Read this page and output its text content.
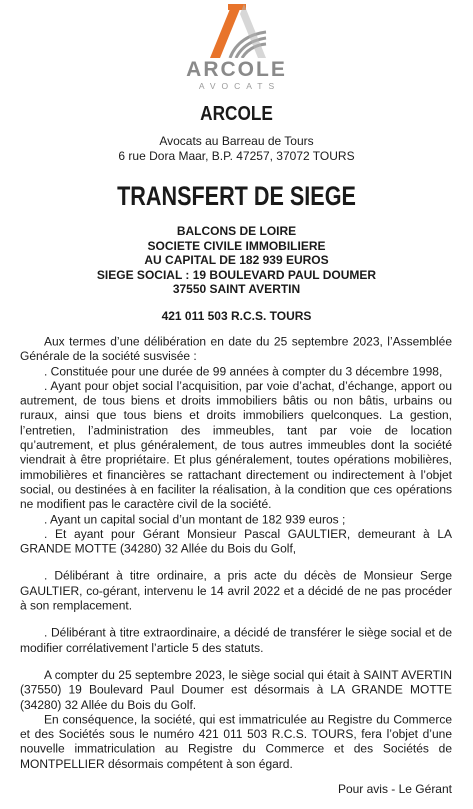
ARCOLE
AVOCATS
ARCOLE
Avocats au Barreau de Tours
6 rue Dora Maar, B.P. 47257, 37072 TOURS
TRANSFERT DE SIEGE
BALCONS DE LOIRE
SOCIETE CIVILE IMMOBILIERE
AU CAPITAL DE 182 939 EUROS
SIEGE SOCIAL : 19 BOULEVARD PAUL DOUMER
37550 SAINT AVERTIN
421 011 503 R.C.S. TOURS

Aux termes d’une délibération en date du 25 septembre 2023, l’Assemblée Générale de la société susvisée :

. Constituée pour une durée de 99 années à compter du 3 décembre 1998,

. Ayant pour objet social l’acquisition, par voie d’achat, d’échange, apport ou autrement, de tous biens et droits immobiliers bâtis ou non bâtis, urbains ou ruraux, ainsi que tous biens et droits immobiliers quelconques. La gestion, l’entretien, l’administration des immeubles, tant par voie de location qu’autrement, et plus généralement, de tous autres immeubles dont la société viendrait à être propriétaire. Et plus généralement, toutes opérations mobilières, immobilières et financières se rattachant directement ou indirectement à l’objet social, ou destinées à en faciliter la réalisation, à la condition que ces opérations ne modifient pas le caractère civil de la société.

. Ayant un capital social d’un montant de 182 939 euros ;

. Et ayant pour Gérant Monsieur Pascal GAULTIER, demeurant à LA GRANDE MOTTE (34280) 32 Allée du Bois du Golf,

. Délibérant à titre ordinaire, a pris acte du décès de Monsieur Serge GAULTIER, co-gérant, intervenu le 14 avril 2022 et a décidé de ne pas procéder à son remplacement.

. Délibérant à titre extraordinaire, a décidé de transférer le siège social et de modifier corrélativement l’article 5 des statuts.

A compter du 25 septembre 2023, le siège social qui était à SAINT AVERTIN (37550) 19 Boulevard Paul Doumer est désormais à LA GRANDE MOTTE (34280) 32 Allée du Bois du Golf.

En conséquence, la société, qui est immatriculée au Registre du Commerce et des Sociétés sous le numéro 421 011 503 R.C.S. TOURS, fera l’objet d’une nouvelle immatriculation au Registre du Commerce et des Sociétés de MONTPELLIER désormais compétent à son égard.

Pour avis - Le Gérant
